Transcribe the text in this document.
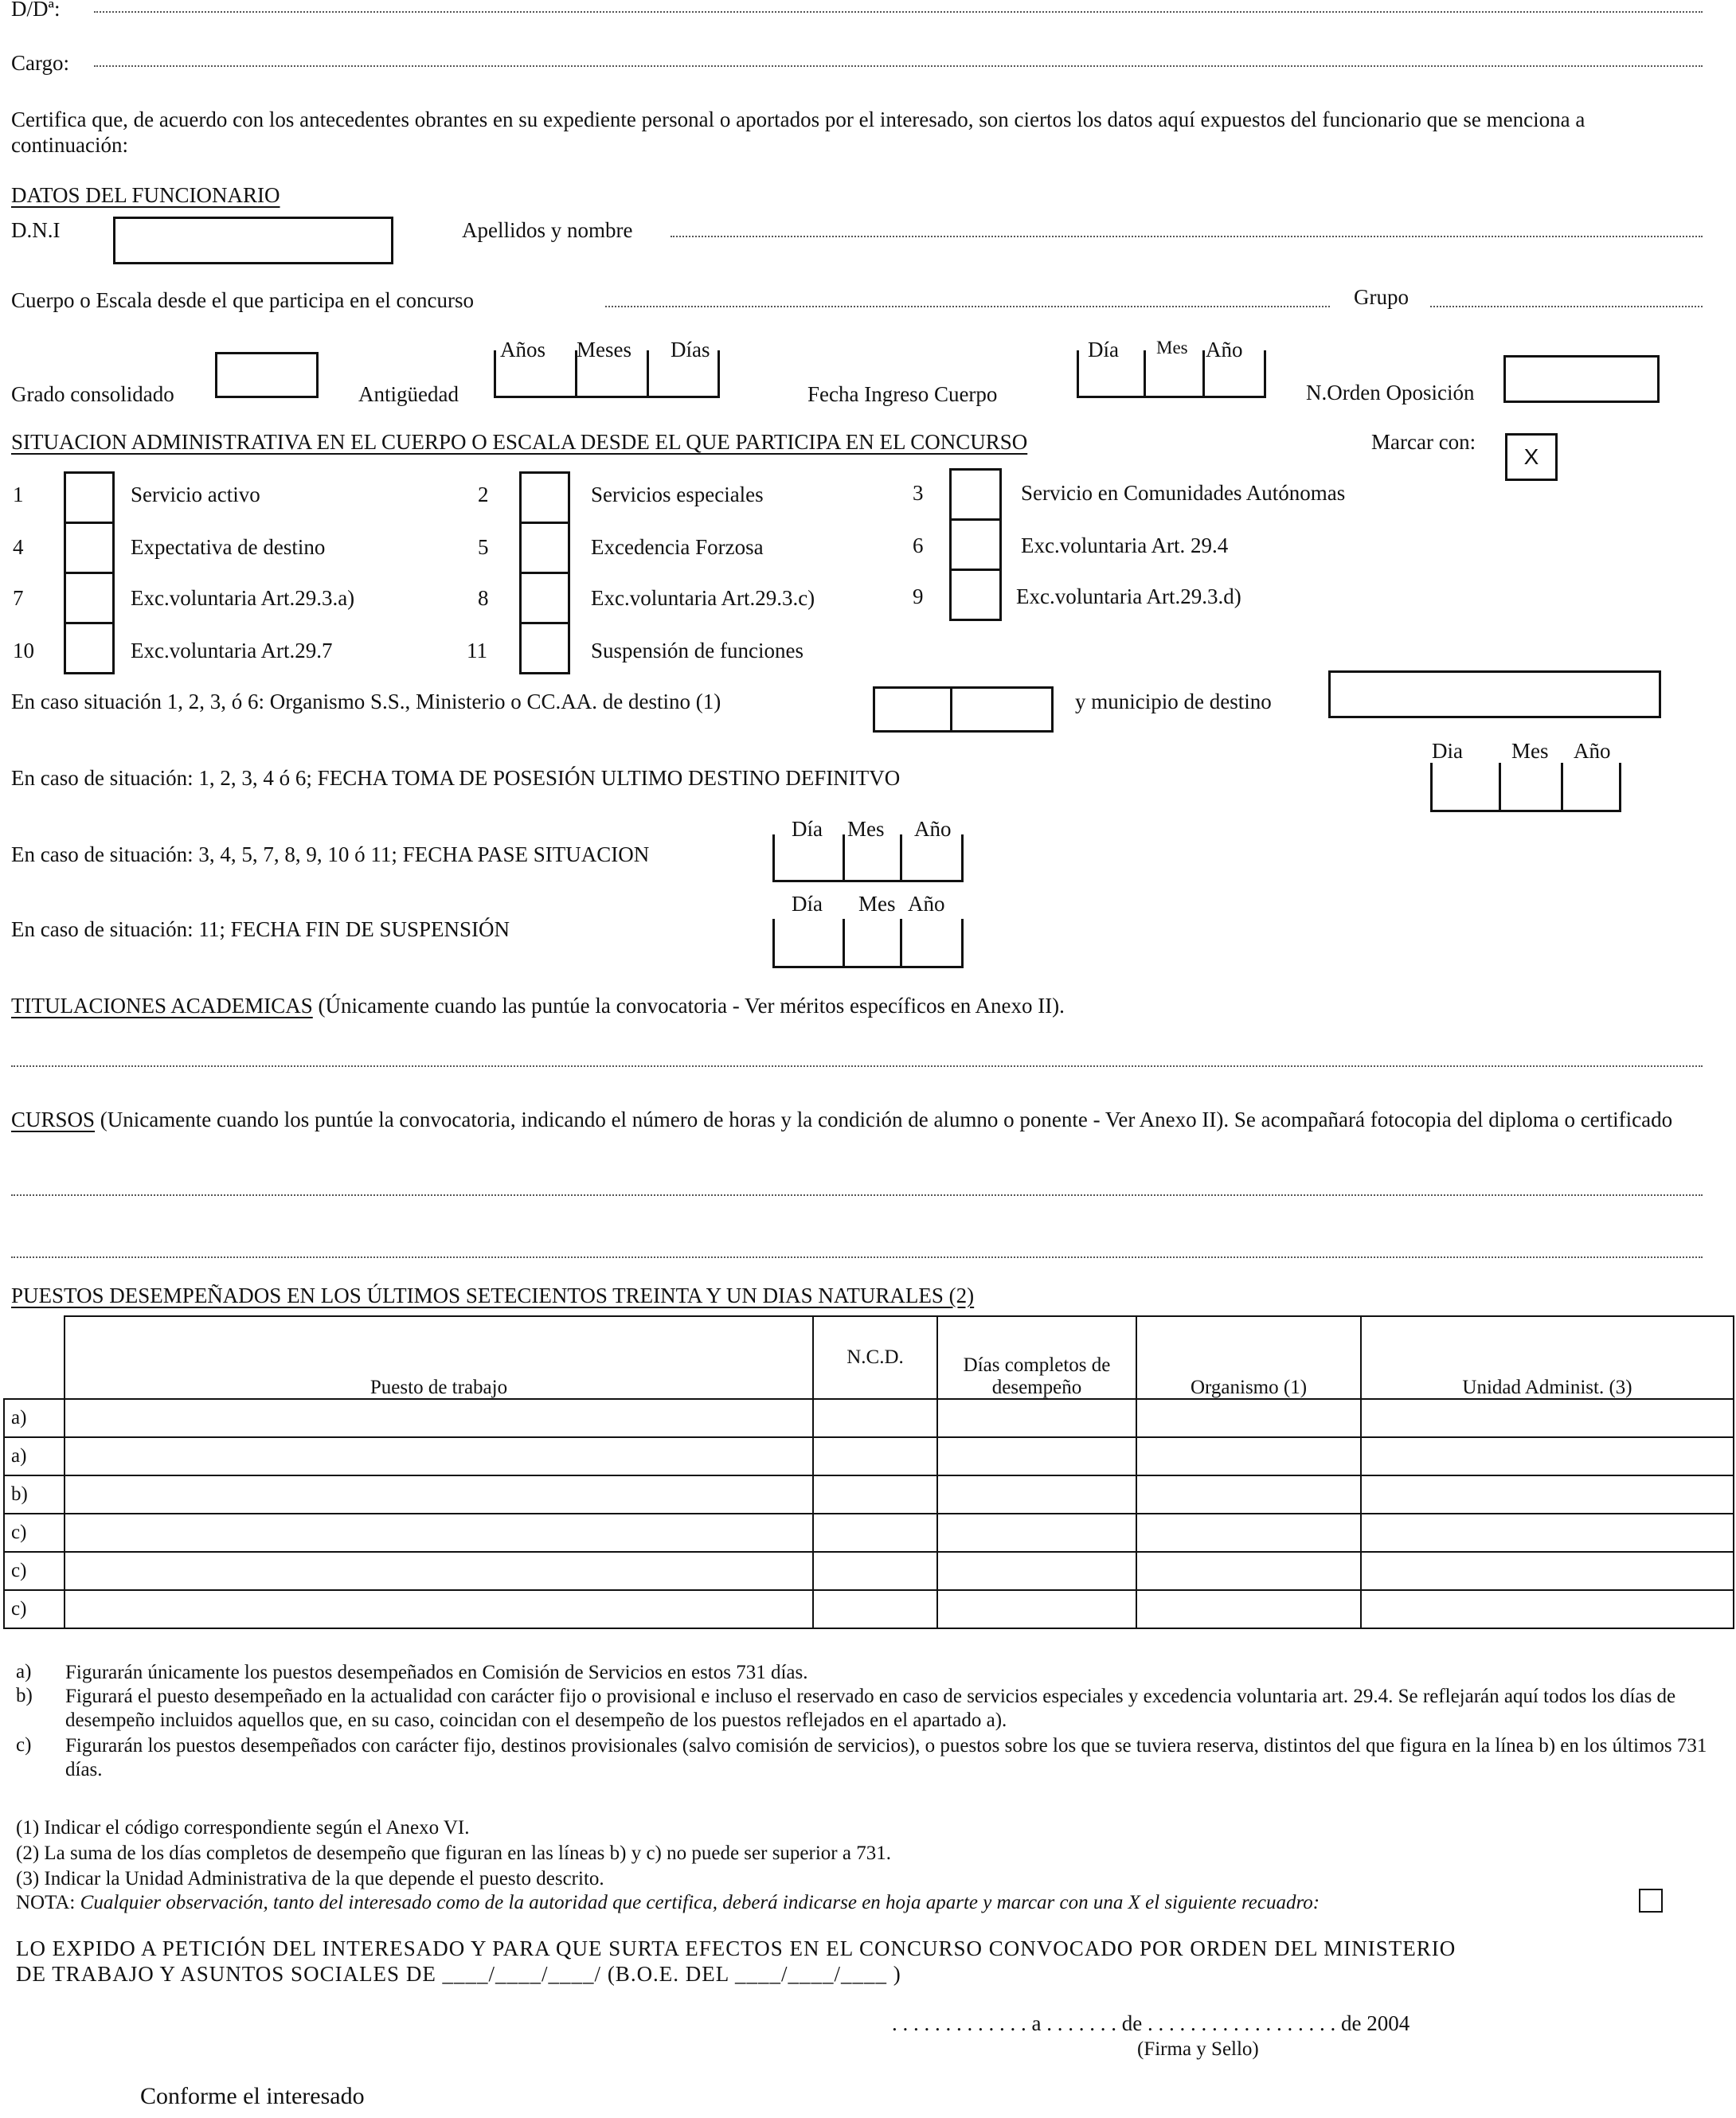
D/Dª:
Cargo:
Certifica que, de acuerdo con los antecedentes obrantes en su expediente personal o aportados por el interesado, son ciertos los datos aquí expuestos del funcionario que se menciona a continuación:
DATOS DEL FUNCIONARIO
D.N.I	Apellidos y nombre
Cuerpo o Escala desde el que participa en el concurso	Grupo
Grado consolidado	Antigüedad
Años Meses Días
Fecha Ingreso Cuerpo
Día Mes Año
N.Orden Oposición
SITUACION ADMINISTRATIVA EN EL CUERPO O ESCALA DESDE EL QUE PARTICIPA EN EL CONCURSO	Marcar con:
X
1	Servicio activo	2	Servicios especiales	3	Servicio en Comunidades Autónomas
4	Expectativa de destino	5	Excedencia Forzosa	6	Exc.voluntaria Art. 29.4
7	Exc.voluntaria Art.29.3.a)	8	Exc.voluntaria Art.29.3.c)	9	Exc.voluntaria Art.29.3.d)
10	Exc.voluntaria Art.29.7	11	Suspensión de funciones
En caso situación 1, 2, 3, ó 6: Organismo S.S., Ministerio o CC.AA. de destino (1)	y municipio de destino
En caso de situación: 1, 2, 3, 4 ó 6; FECHA TOMA DE POSESIÓN ULTIMO DESTINO DEFINITVO
Dia Mes Año
En caso de situación: 3, 4, 5, 7, 8, 9, 10 ó 11; FECHA PASE SITUACION
Día Mes Año
En caso de situación: 11; FECHA FIN DE SUSPENSIÓN
Día Mes Año
TITULACIONES ACADEMICAS (Únicamente cuando las puntúe la convocatoria - Ver méritos específicos en Anexo II).
CURSOS (Unicamente cuando los puntúe la convocatoria, indicando el número de horas y la condición de alumno o ponente - Ver Anexo II). Se acompañará fotocopia del diploma o certificado
PUESTOS DESEMPEÑADOS EN LOS ÚLTIMOS SETECIENTOS TREINTA Y UN DIAS NATURALES (2)
	Puesto de trabajo	N.C.D.	Días completos de desempeño	Organismo (1)	Unidad Administ. (3)
a)					
a)					
b)					
c)					
c)					
c)					
a) Figurarán únicamente los puestos desempeñados en Comisión de Servicios en estos 731 días.
b) Figurará el puesto desempeñado en la actualidad con carácter fijo o provisional e incluso el reservado en caso de servicios especiales y excedencia voluntaria art. 29.4. Se reflejarán aquí todos los días de desempeño incluidos aquellos que, en su caso, coincidan con el desempeño de los puestos reflejados en el apartado a).
c) Figurarán los puestos desempeñados con carácter fijo, destinos provisionales (salvo comisión de servicios), o puestos sobre los que se tuviera reserva, distintos del que figura en la línea b) en los últimos 731 días.
(1) Indicar el código correspondiente según el Anexo VI.
(2) La suma de los días completos de desempeño que figuran en las líneas b) y c) no puede ser superior a 731.
(3) Indicar la Unidad Administrativa de la que depende el puesto descrito.
NOTA: Cualquier observación, tanto del interesado como de la autoridad que certifica, deberá indicarse en hoja aparte y marcar con una X el siguiente recuadro:
LO EXPIDO A PETICIÓN DEL INTERESADO Y PARA QUE SURTA EFECTOS EN EL CONCURSO CONVOCADO POR ORDEN DEL MINISTERIO
DE TRABAJO Y ASUNTOS SOCIALES DE ____/____/____/ (B.O.E. DEL ____/____/____ )
. . . . . . . . . . . . . a . . . . . . . de . . . . . . . . . . . . . . . . . . de 2004
(Firma y Sello)
Conforme el interesado
